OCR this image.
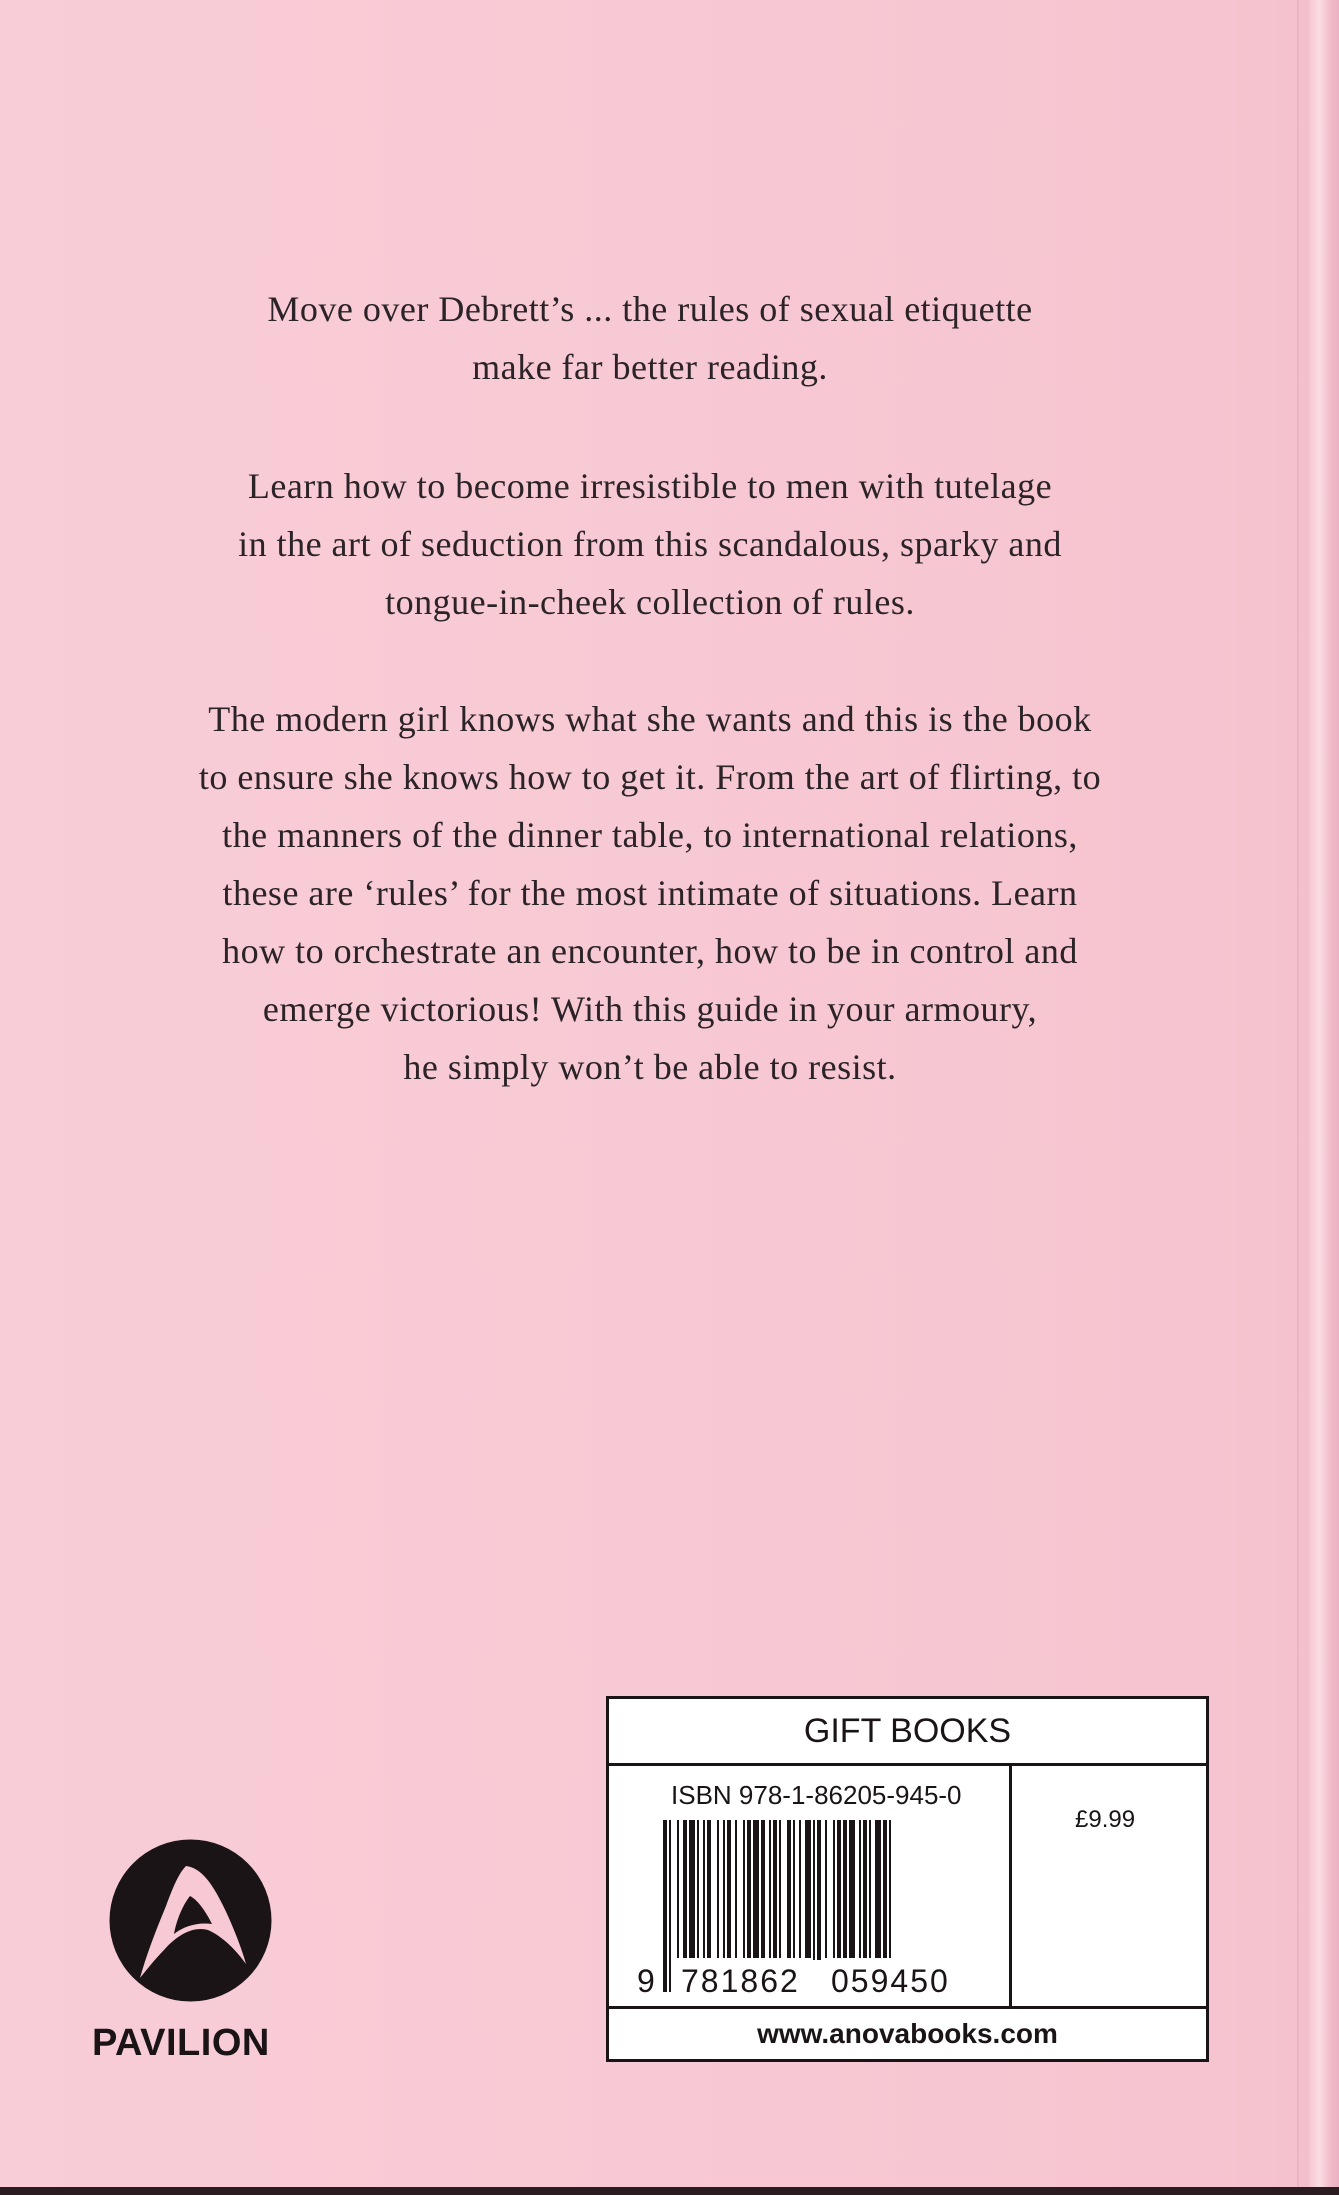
Move over Debrett’s ... the rules of sexual etiquette
make far better reading.
Learn how to become irresistible to men with tutelage
in the art of seduction from this scandalous, sparky and
tongue-in-cheek collection of rules.
The modern girl knows what she wants and this is the book
to ensure she knows how to get it. From the art of flirting, to
the manners of the dinner table, to international relations,
these are ‘rules’ for the most intimate of situations. Learn
how to orchestrate an encounter, how to be in control and
emerge victorious! With this guide in your armoury,
he simply won’t be able to resist.
PAVILION
GIFT BOOKS
ISBN 978-1-86205-945-0
9 781862 059450
£9.99
www.anovabooks.com
